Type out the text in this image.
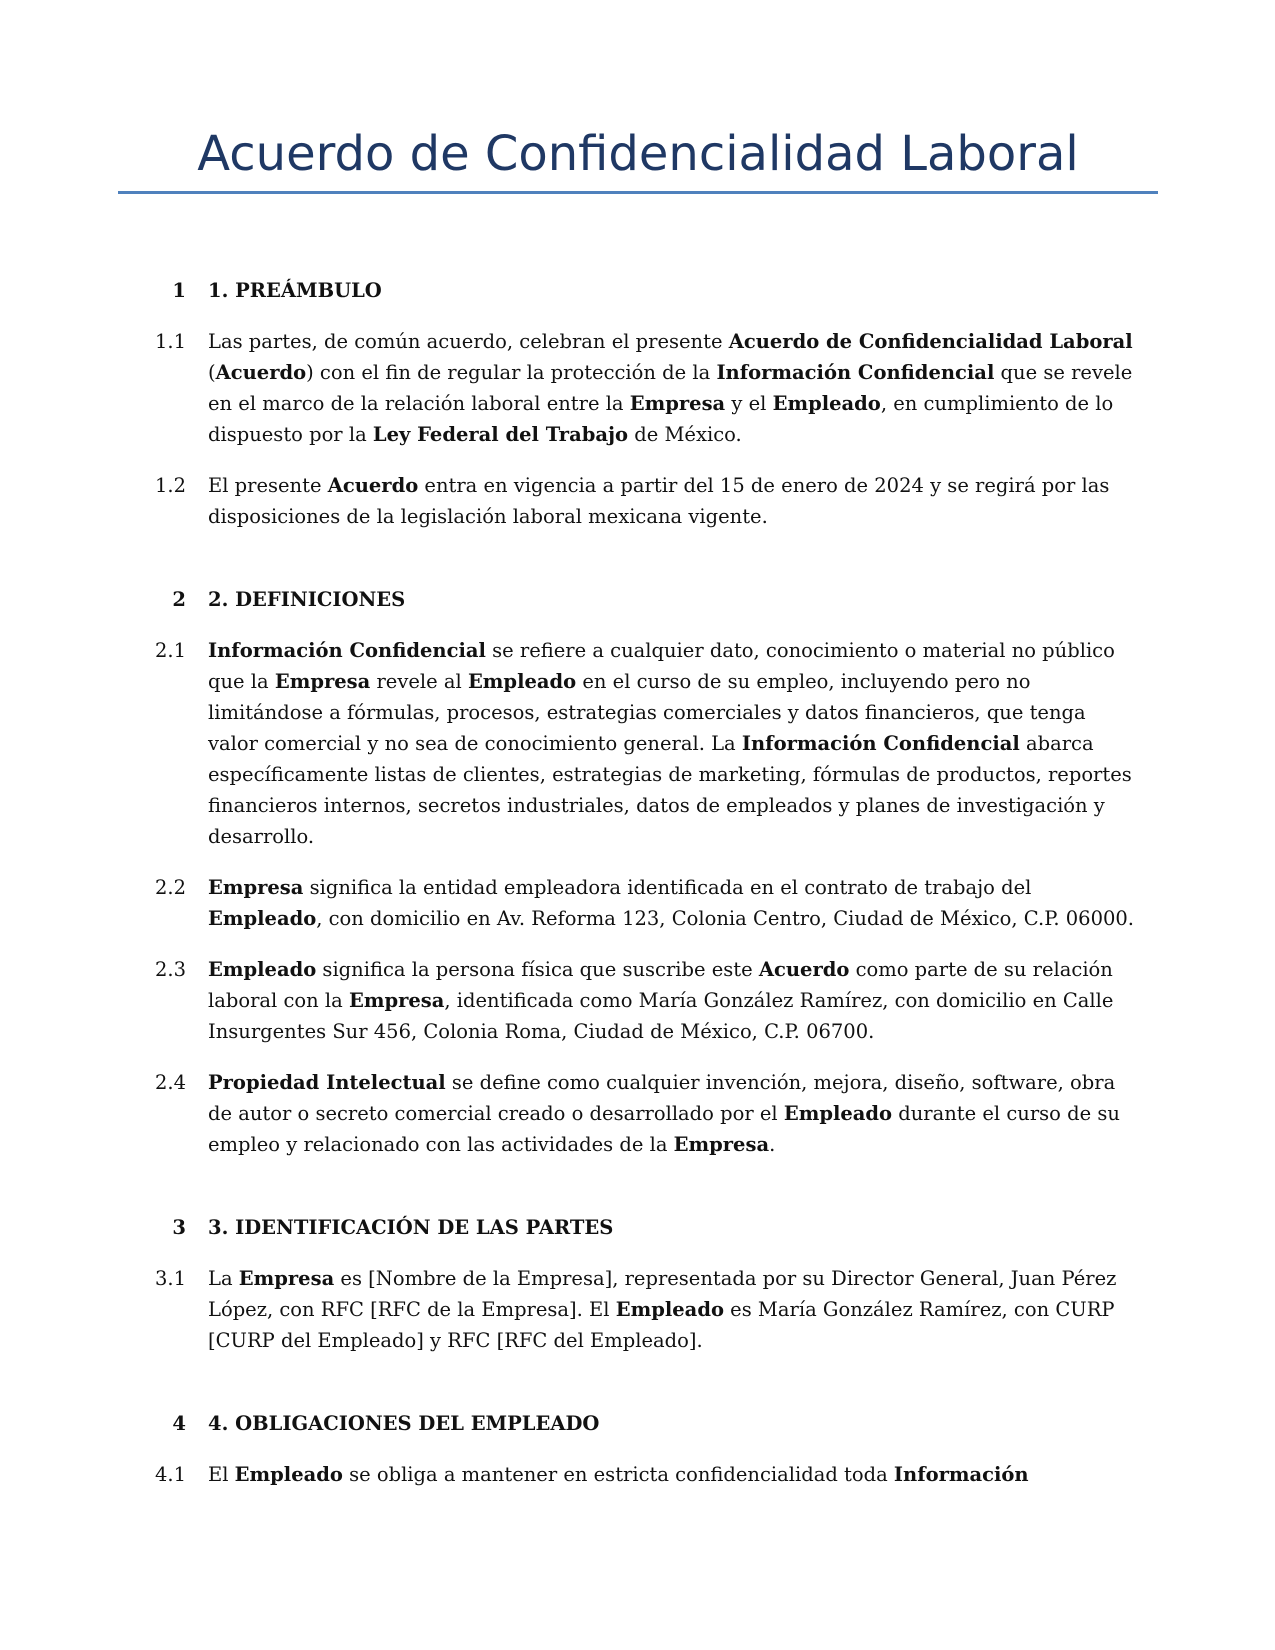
Acuerdo de Confidencialidad Laboral
1 1. PREÁMBULO
1.1 Las partes, de común acuerdo, celebran el presente Acuerdo de Confidencialidad Laboral (Acuerdo) con el fin de regular la protección de la Información Confidencial que se revele en el marco de la relación laboral entre la Empresa y el Empleado, en cumplimiento de lo dispuesto por la Ley Federal del Trabajo de México.
1.2 El presente Acuerdo entra en vigencia a partir del 15 de enero de 2024 y se regirá por las disposiciones de la legislación laboral mexicana vigente.
2 2. DEFINICIONES
2.1 Información Confidencial se refiere a cualquier dato, conocimiento o material no público que la Empresa revele al Empleado en el curso de su empleo, incluyendo pero no limitándose a fórmulas, procesos, estrategias comerciales y datos financieros, que tenga valor comercial y no sea de conocimiento general. La Información Confidencial abarca específicamente listas de clientes, estrategias de marketing, fórmulas de productos, reportes financieros internos, secretos industriales, datos de empleados y planes de investigación y desarrollo.
2.2 Empresa significa la entidad empleadora identificada en el contrato de trabajo del Empleado, con domicilio en Av. Reforma 123, Colonia Centro, Ciudad de México, C.P. 06000.
2.3 Empleado significa la persona física que suscribe este Acuerdo como parte de su relación laboral con la Empresa, identificada como María González Ramírez, con domicilio en Calle Insurgentes Sur 456, Colonia Roma, Ciudad de México, C.P. 06700.
2.4 Propiedad Intelectual se define como cualquier invención, mejora, diseño, software, obra de autor o secreto comercial creado o desarrollado por el Empleado durante el curso de su empleo y relacionado con las actividades de la Empresa.
3 3. IDENTIFICACIÓN DE LAS PARTES
3.1 La Empresa es [Nombre de la Empresa], representada por su Director General, Juan Pérez López, con RFC [RFC de la Empresa]. El Empleado es María González Ramírez, con CURP [CURP del Empleado] y RFC [RFC del Empleado].
4 4. OBLIGACIONES DEL EMPLEADO
4.1 El Empleado se obliga a mantener en estricta confidencialidad toda Información
